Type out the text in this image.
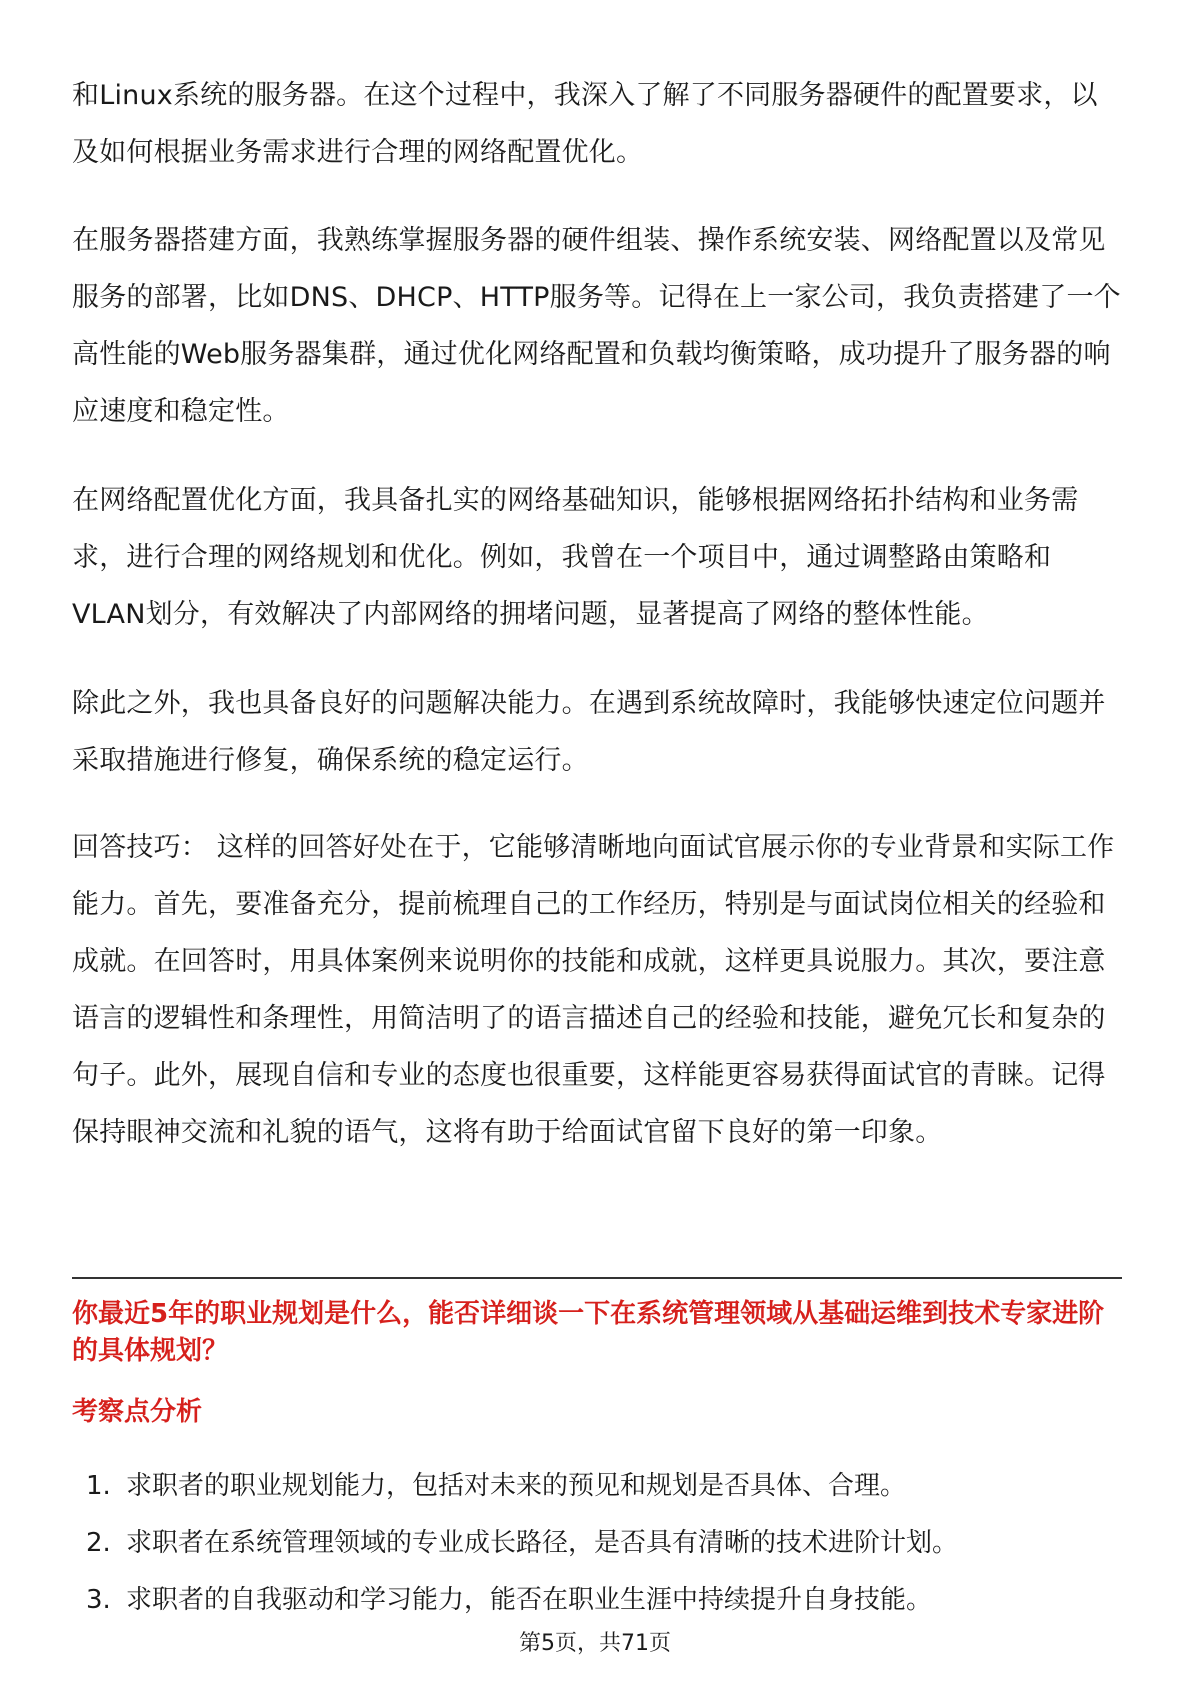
和Linux系统的服务器。在这个过程中，我深入了解了不同服务器硬件的配置要求，以及如何根据业务需求进行合理的网络配置优化。

在服务器搭建方面，我熟练掌握服务器的硬件组装、操作系统安装、网络配置以及常见服务的部署，比如DNS、DHCP、HTTP服务等。记得在上一家公司，我负责搭建了一个高性能的Web服务器集群，通过优化网络配置和负载均衡策略，成功提升了服务器的响应速度和稳定性。

在网络配置优化方面，我具备扎实的网络基础知识，能够根据网络拓扑结构和业务需求，进行合理的网络规划和优化。例如，我曾在一个项目中，通过调整路由策略和VLAN划分，有效解决了内部网络的拥堵问题，显著提高了网络的整体性能。

除此之外，我也具备良好的问题解决能力。在遇到系统故障时，我能够快速定位问题并采取措施进行修复，确保系统的稳定运行。

回答技巧： 这样的回答好处在于，它能够清晰地向面试官展示你的专业背景和实际工作能力。首先，要准备充分，提前梳理自己的工作经历，特别是与面试岗位相关的经验和成就。在回答时，用具体案例来说明你的技能和成就，这样更具说服力。其次，要注意语言的逻辑性和条理性，用简洁明了的语言描述自己的经验和技能，避免冗长和复杂的句子。此外，展现自信和专业的态度也很重要，这样能更容易获得面试官的青睐。记得保持眼神交流和礼貌的语气，这将有助于给面试官留下良好的第一印象。

你最近5年的职业规划是什么，能否详细谈一下在系统管理领域从基础运维到技术专家进阶的具体规划？

考察点分析

1. 求职者的职业规划能力，包括对未来的预见和规划是否具体、合理。
2. 求职者在系统管理领域的专业成长路径，是否具有清晰的技术进阶计划。
3. 求职者的自我驱动和学习能力，能否在职业生涯中持续提升自身技能。
第5页，共71页
